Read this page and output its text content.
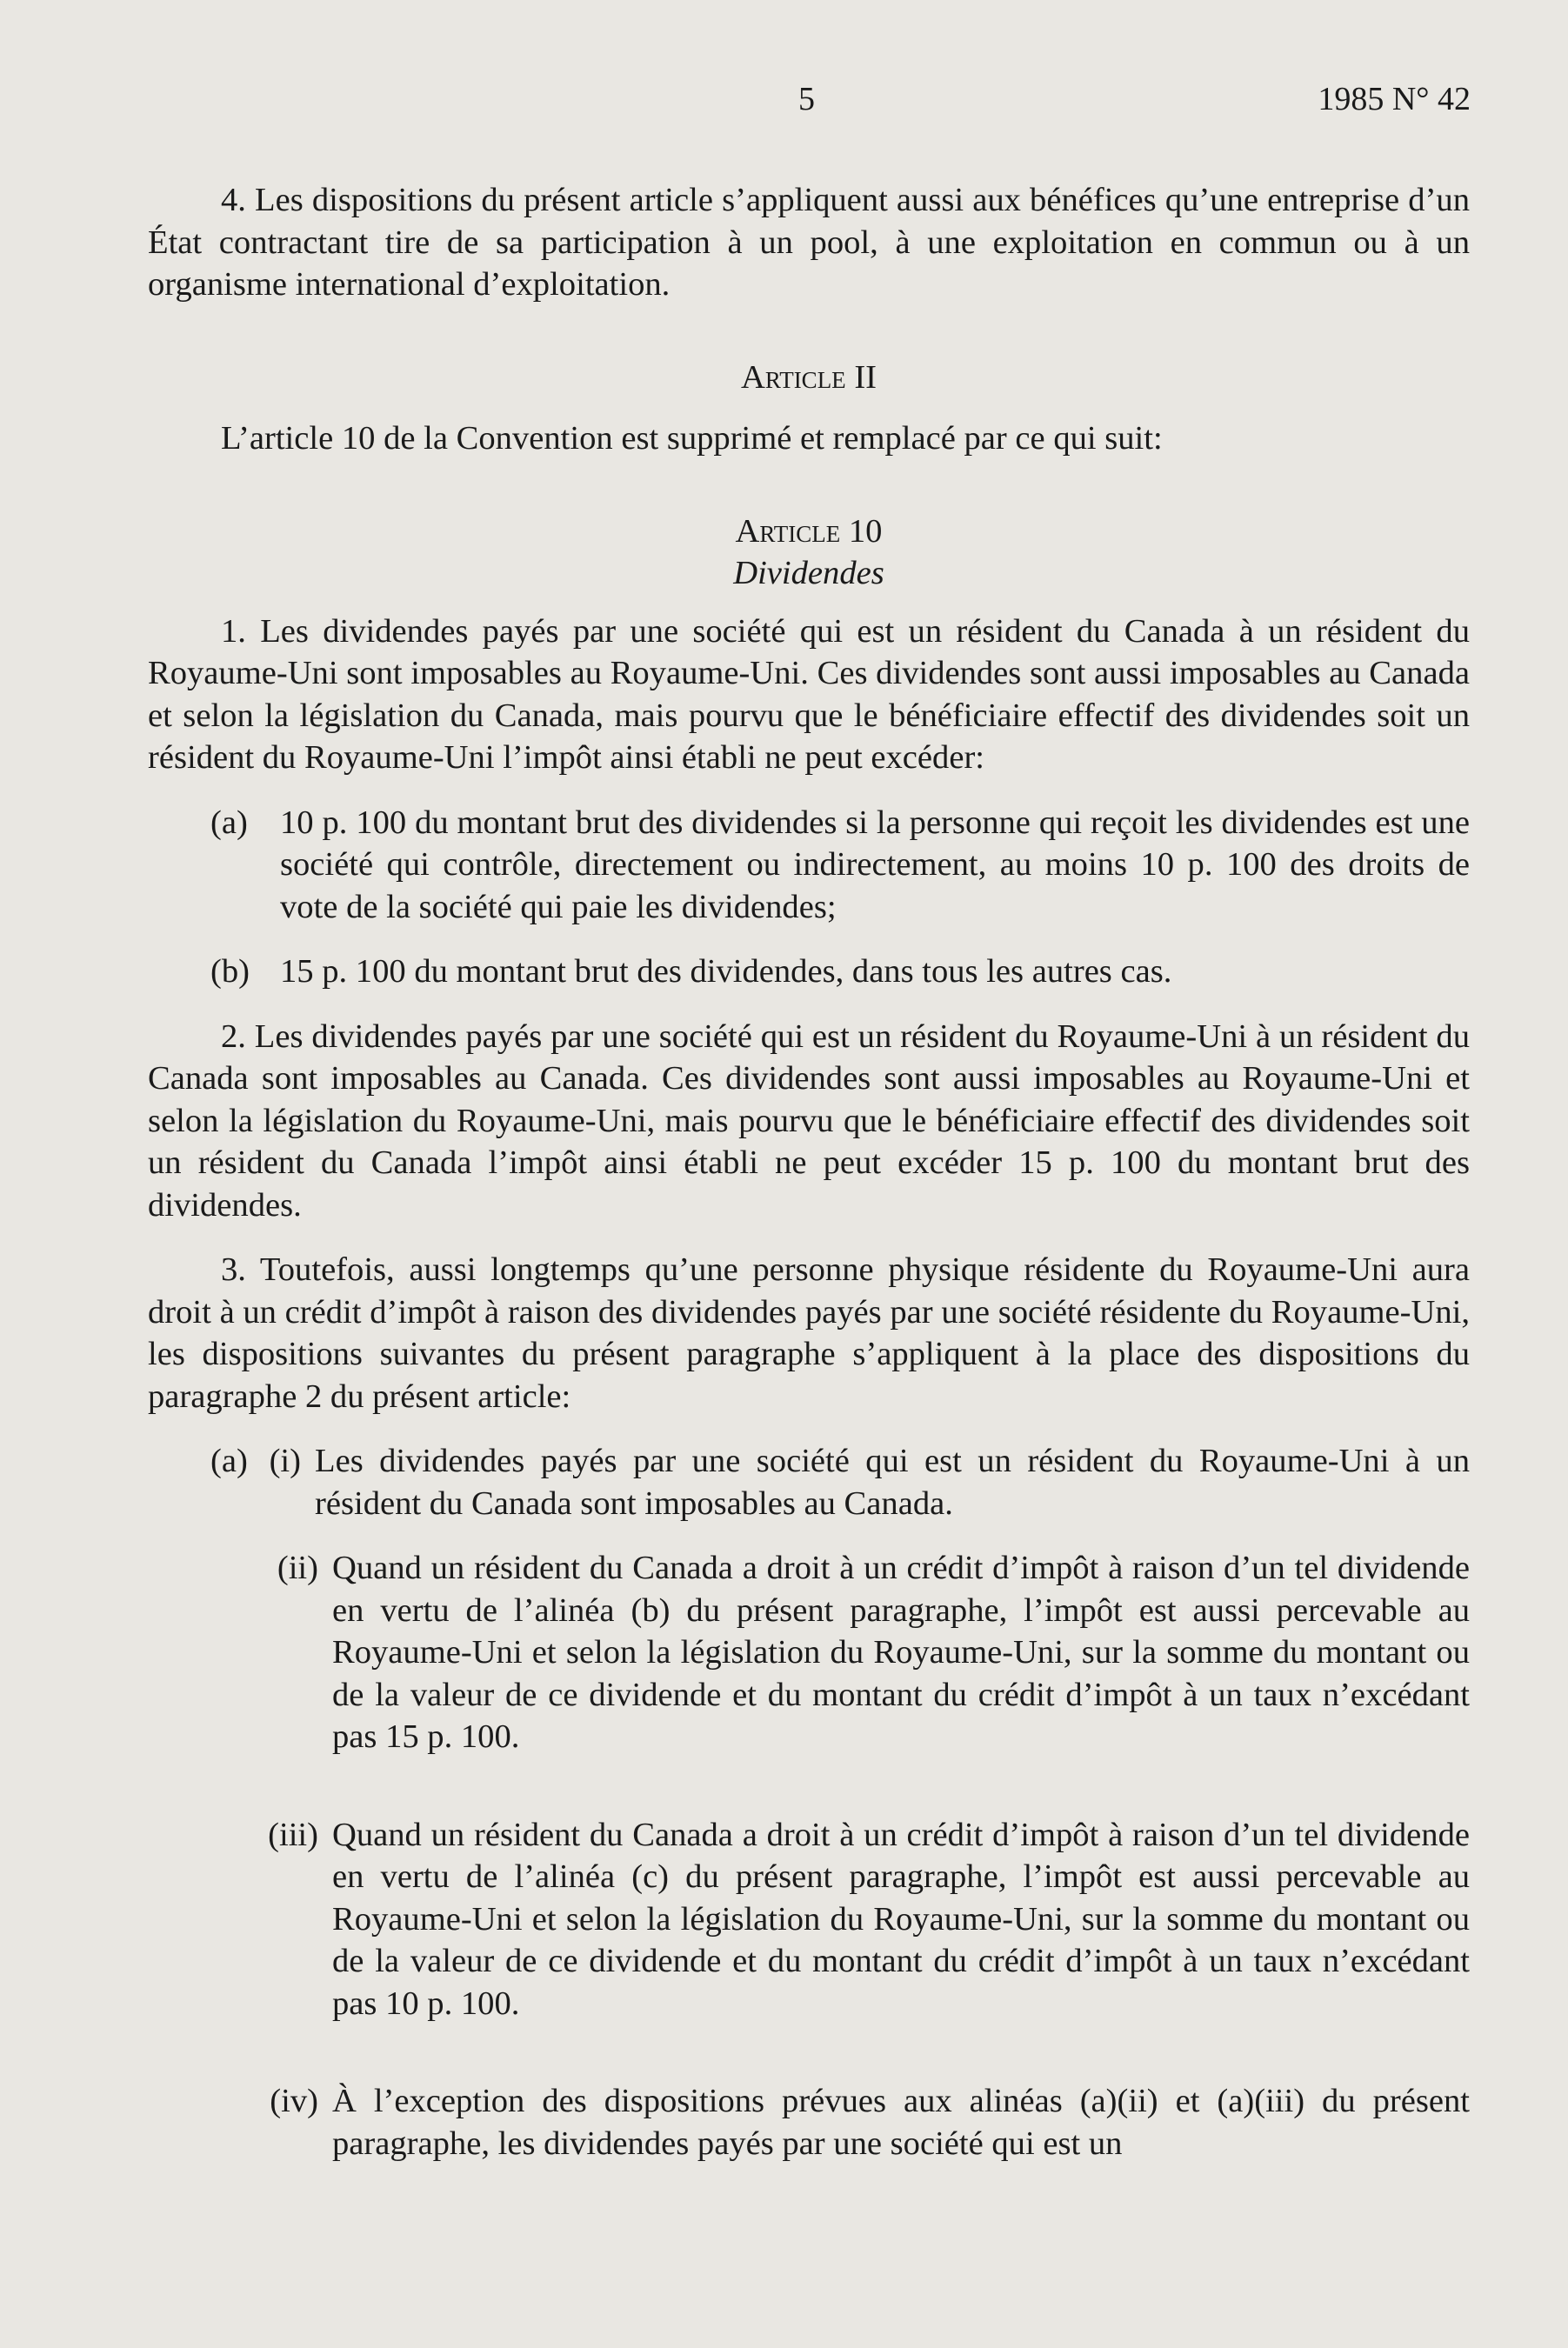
5	1985 N° 42

4. Les dispositions du présent article s’appliquent aussi aux bénéfices qu’une entreprise d’un État contractant tire de sa participation à un pool, à une exploitation en commun ou à un organisme international d’exploitation.

Article II

L’article 10 de la Convention est supprimé et remplacé par ce qui suit:

Article 10

Dividendes

1. Les dividendes payés par une société qui est un résident du Canada à un résident du Royaume-Uni sont imposables au Royaume-Uni. Ces dividendes sont aussi imposables au Canada et selon la législation du Canada, mais pourvu que le bénéficiaire effectif des dividendes soit un résident du Royaume-Uni l’impôt ainsi établi ne peut excéder:

(a) 10 p. 100 du montant brut des dividendes si la personne qui reçoit les dividendes est une société qui contrôle, directement ou indirectement, au moins 10 p. 100 des droits de vote de la société qui paie les dividendes;
(b) 15 p. 100 du montant brut des dividendes, dans tous les autres cas.

2. Les dividendes payés par une société qui est un résident du Royaume-Uni à un résident du Canada sont imposables au Canada. Ces dividendes sont aussi imposables au Royaume-Uni et selon la législation du Royaume-Uni, mais pourvu que le bénéficiaire effectif des dividendes soit un résident du Canada l’impôt ainsi établi ne peut excéder 15 p. 100 du montant brut des dividendes.

3. Toutefois, aussi longtemps qu’une personne physique résidente du Royaume-Uni aura droit à un crédit d’impôt à raison des dividendes payés par une société résidente du Royaume-Uni, les dispositions suivantes du présent paragraphe s’appliquent à la place des dispositions du paragraphe 2 du présent article:

(a) (i) Les dividendes payés par une société qui est un résident du Royaume-Uni à un résident du Canada sont imposables au Canada.
(ii) Quand un résident du Canada a droit à un crédit d’impôt à raison d’un tel dividende en vertu de l’alinéa (b) du présent paragraphe, l’impôt est aussi percevable au Royaume-Uni et selon la législation du Royaume-Uni, sur la somme du montant ou de la valeur de ce dividende et du montant du crédit d’impôt à un taux n’excédant pas 15 p. 100.
(iii) Quand un résident du Canada a droit à un crédit d’impôt à raison d’un tel dividende en vertu de l’alinéa (c) du présent paragraphe, l’impôt est aussi percevable au Royaume-Uni et selon la législation du Royaume-Uni, sur la somme du montant ou de la valeur de ce dividende et du montant du crédit d’impôt à un taux n’excédant pas 10 p. 100.
(iv) À l’exception des dispositions prévues aux alinéas (a)(ii) et (a)(iii) du présent paragraphe, les dividendes payés par une société qui est un
